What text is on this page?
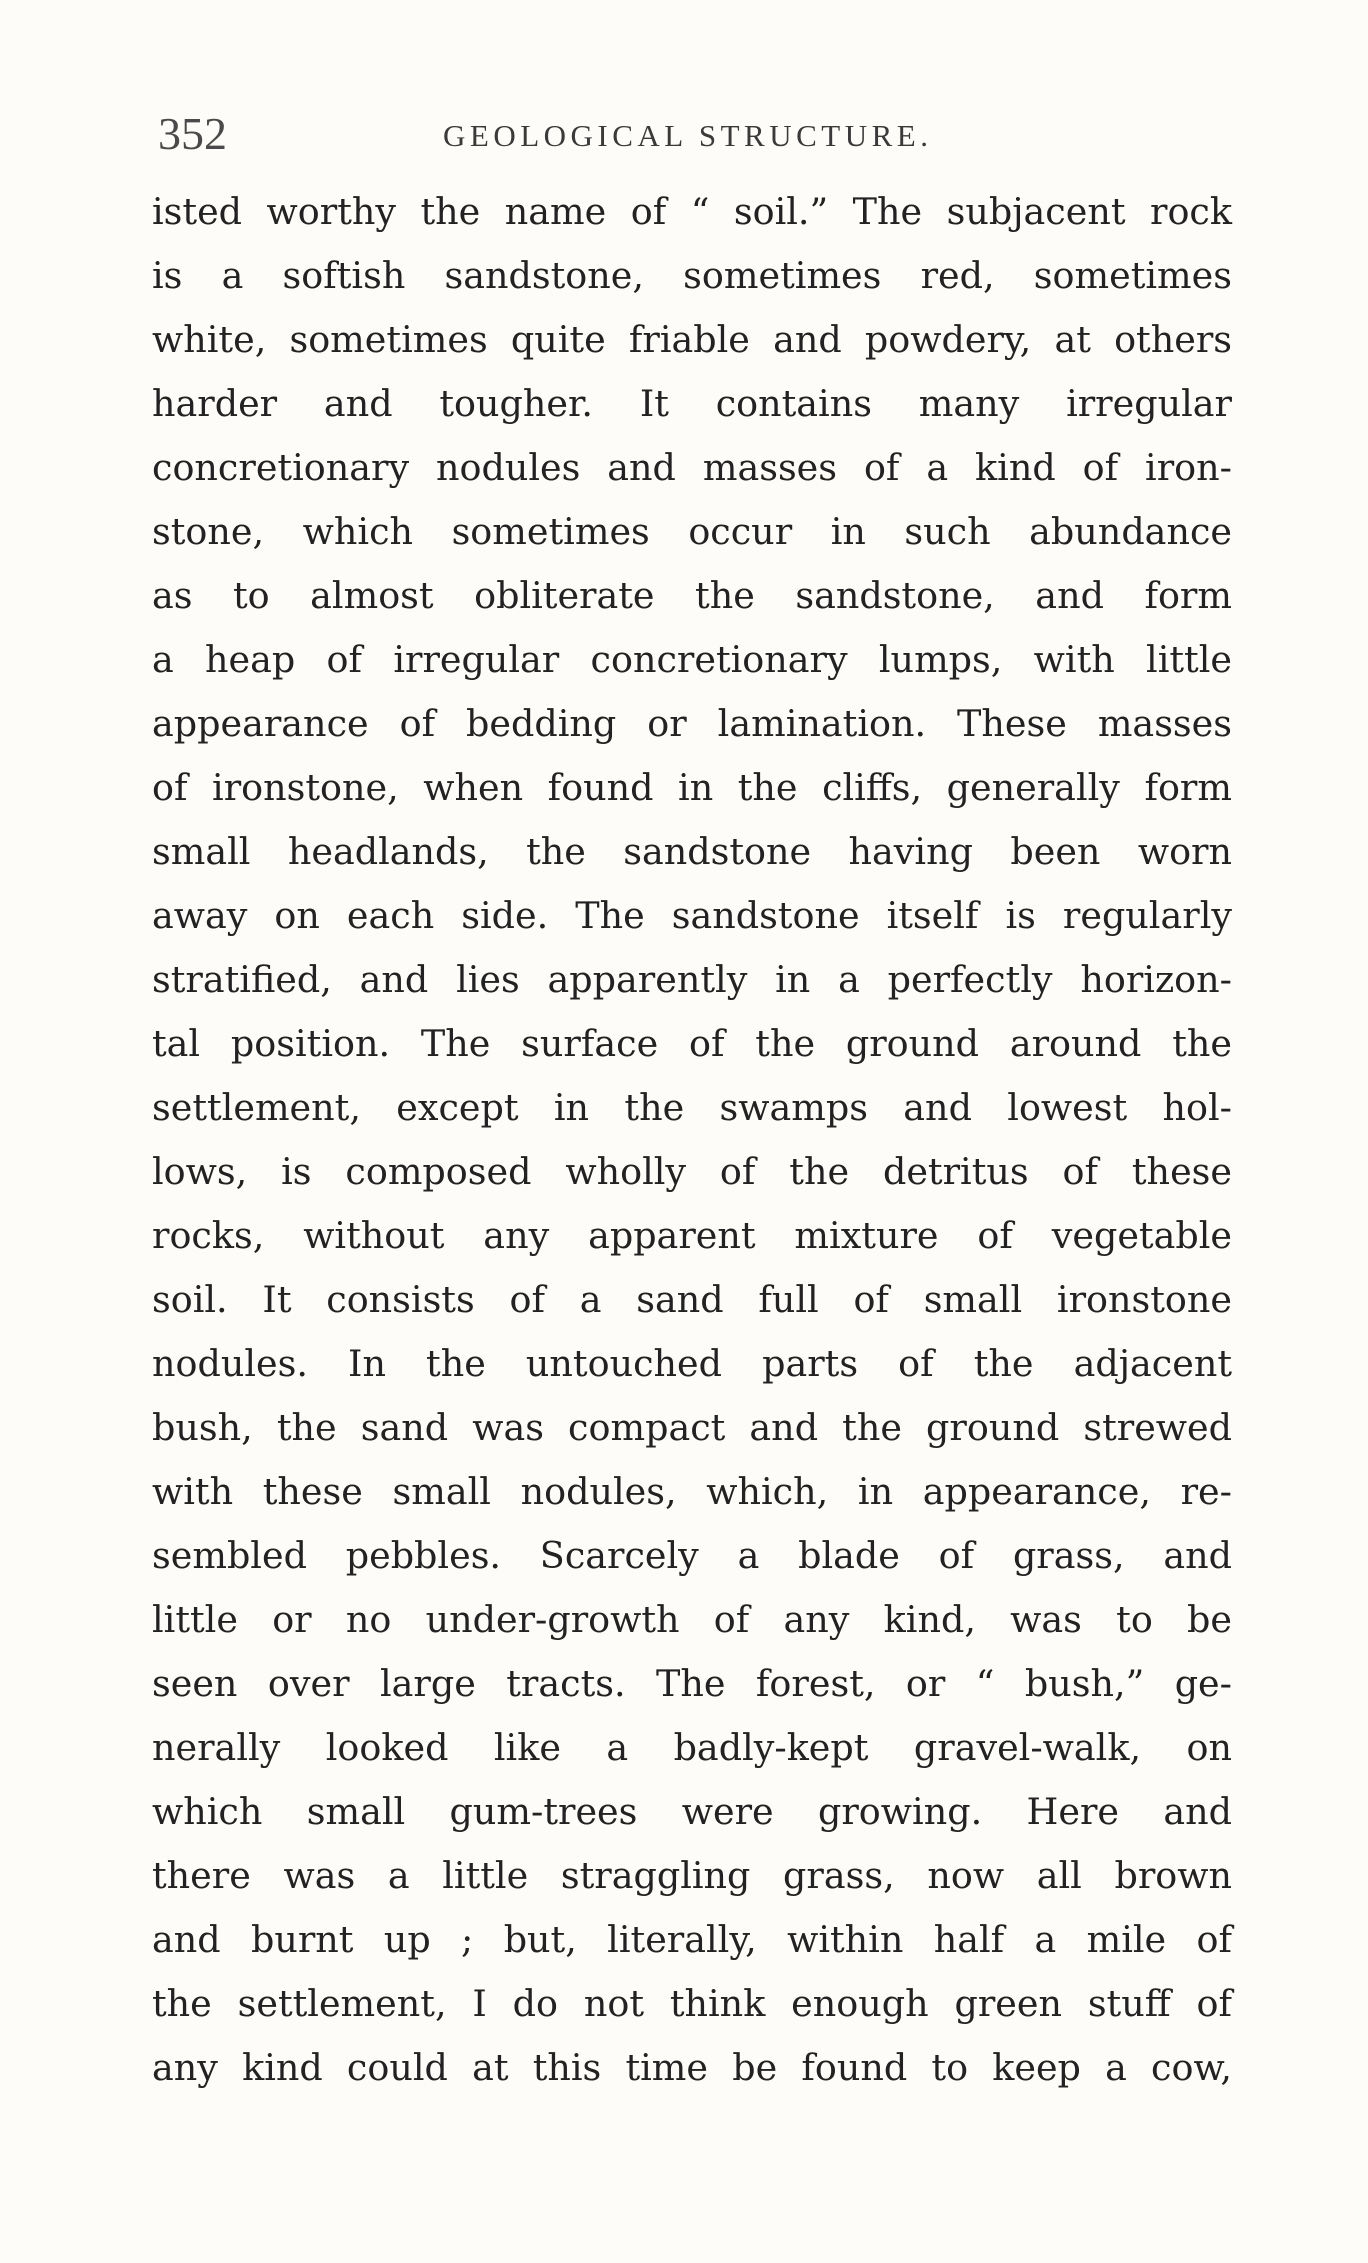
352	GEOLOGICAL STRUCTURE.
isted worthy the name of “ soil.” The subjacent rock
is a softish sandstone, sometimes red, sometimes
white, sometimes quite friable and powdery, at others
harder and tougher. It contains many irregular
concretionary nodules and masses of a kind of iron-
stone, which sometimes occur in such abundance
as to almost obliterate the sandstone, and form
a heap of irregular concretionary lumps, with little
appearance of bedding or lamination. These masses
of ironstone, when found in the cliffs, generally form
small headlands, the sandstone having been worn
away on each side. The sandstone itself is regularly
stratified, and lies apparently in a perfectly horizon-
tal position. The surface of the ground around the
settlement, except in the swamps and lowest hol-
lows, is composed wholly of the detritus of these
rocks, without any apparent mixture of vegetable
soil. It consists of a sand full of small ironstone
nodules. In the untouched parts of the adjacent
bush, the sand was compact and the ground strewed
with these small nodules, which, in appearance, re-
sembled pebbles. Scarcely a blade of grass, and
little or no under-growth of any kind, was to be
seen over large tracts. The forest, or “ bush,” ge-
nerally looked like a badly-kept gravel-walk, on
which small gum-trees were growing. Here and
there was a little straggling grass, now all brown
and burnt up ; but, literally, within half a mile of
the settlement, I do not think enough green stuff of
any kind could at this time be found to keep a cow,
